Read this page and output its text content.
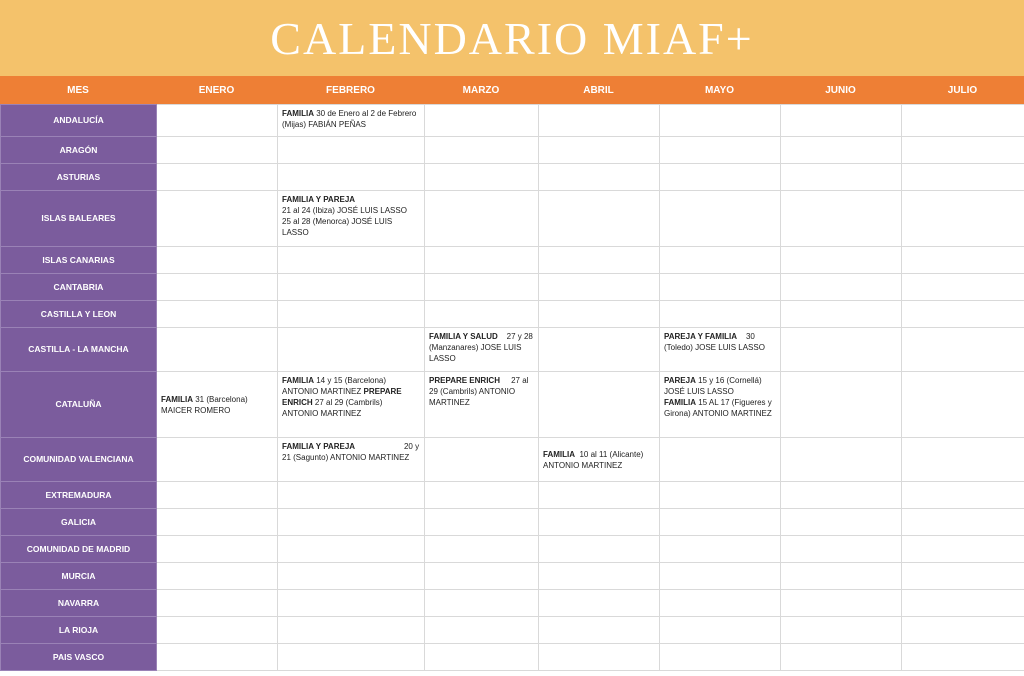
CALENDARIO MIAF+
MES	ENERO	FEBRERO	MARZO	ABRIL	MAYO	JUNIO	JULIO
ANDALUCÍA		FAMILIA 30 de Enero al 2 de Febrero (Mijas) FABIÁN PEÑAS					

ARAGÓN							
ASTURIAS							
ISLAS BALEARES		FAMILIA Y PAREJA
21 al 24 (Ibiza) JOSÉ LUIS LASSO
25 al 28 (Menorca) JOSÉ LUIS LASSO					

ISLAS CANARIAS							
CANTABRIA							
CASTILLA Y LEON							
CASTILLA - LA MANCHA			FAMILIA Y SALUD    27 y 28 (Manzanares) JOSE LUIS LASSO		PAREJA Y FAMILIA    30 (Toledo) JOSE LUIS LASSO		

CATALUÑA	FAMILIA 31 (Barcelona) MAICER ROMERO	FAMILIA 14 y 15 (Barcelona) ANTONIO MARTINEZ PREPARE ENRICH 27 al 29 (Cambrils) ANTONIO MARTINEZ	PREPARE ENRICH     27 al 29 (Cambrils) ANTONIO MARTINEZ		PAREJA 15 y 16 (Cornellá) JOSÉ LUIS LASSO
FAMILIA 15 AL 17 (Figueres y Girona) ANTONIO MARTINEZ		

COMUNIDAD VALENCIANA		FAMILIA Y PAREJA                      20 y 21 (Sagunto) ANTONIO MARTINEZ		FAMILIA  10 al 11 (Alicante) ANTONIO MARTINEZ			

EXTREMADURA							
GALICIA							
COMUNIDAD DE MADRID							
MURCIA							
NAVARRA							
LA RIOJA							
PAIS VASCO							
